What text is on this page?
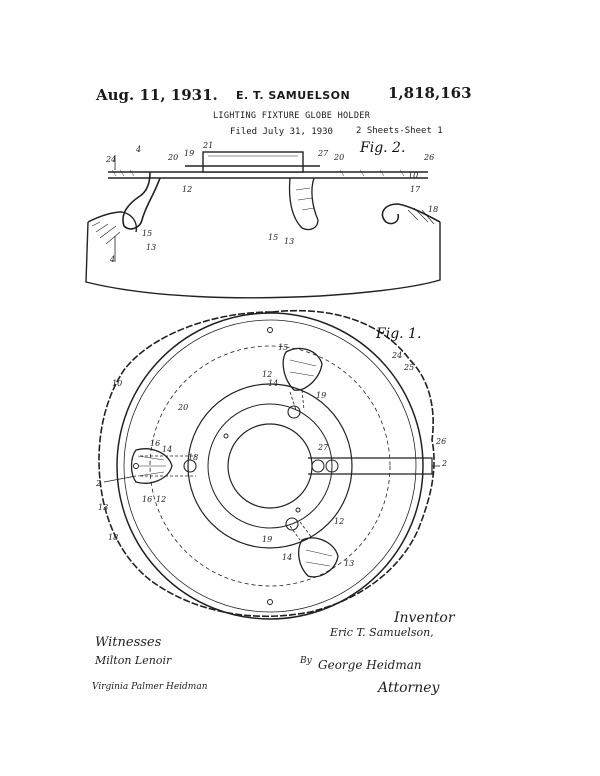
Aug. 11, 1931. E. T. SAMUELSON	1,818,163
LIGHTING FIXTURE GLOBE HOLDER
Filed July 31, 1930	2 Sheets-Sheet 1
Fig. 2.
24
4
20 19
21
27 20	26
10
12	17
18
15
13
15 13
4
Fig. 1.
15
24
25
12
14
19
10
20
18
27
26
2
16
14
2
16 12
13
18
12
19
14
13
Inventor
Eric T. Samuelson,
By George Heidman
Attorney
Witnesses
Milton Lenoir
Virginia Palmer Heidman
